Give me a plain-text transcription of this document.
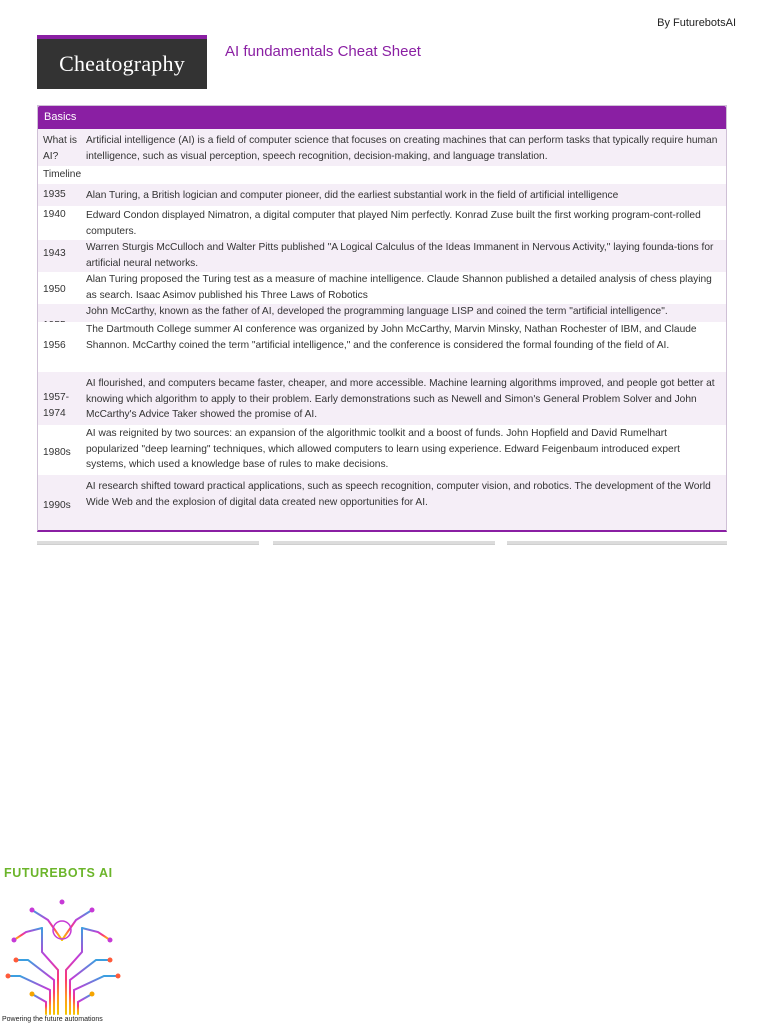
By FuturebotsAI
Cheatography	AI fundamentals Cheat Sheet
Basics
What is AI?
Artificial intelligence (AI) is a field of computer science that focuses on creating machines that can perform tasks that typically require human intelligence, such as visual perception, speech recognition, decision-making, and language translation.
Timeline
1935 Alan Turing, a British logician and computer pioneer, did the earliest substantial work in the field of artificial intelligence
1940 Edward Condon displayed Nimatron, a digital computer that played Nim perfectly. Konrad Zuse built the first working program-cont-rolled computers.
1943
Warren Sturgis McCulloch and Walter Pitts published "A Logical Calculus of the Ideas Immanent in Nervous Activity," laying founda-tions for artificial neural networks.
1950
Alan Turing proposed the Turing test as a measure of machine intelligence. Claude Shannon published a detailed analysis of chess playing as search. Isaac Asimov published his Three Laws of Robotics
John McCarthy, known as the father of AI, developed the programming language LISP and coined the term "artificial intelligence".
1956
The Dartmouth College summer AI conference was organized by John McCarthy, Marvin Minsky, Nathan Rochester of IBM, and Claude Shannon. McCarthy coined the term "artificial intelligence," and the conference is considered the formal founding of the field of AI.
1957-1974
AI flourished, and computers became faster, cheaper, and more accessible. Machine learning algorithms improved, and people got better at knowing which algorithm to apply to their problem. Early demonstrations such as Newell and Simon's General Problem Solver and John McCarthy's Advice Taker showed the promise of AI.
1980s
AI was reignited by two sources: an expansion of the algorithmic toolkit and a boost of funds. John Hopfield and David Rumelhart popularized "deep learning" techniques, which allowed computers to learn using experience. Edward Feigenbaum introduced expert systems, which used a knowledge base of rules to make decisions.
1990s
AI research shifted toward practical applications, such as speech recognition, computer vision, and robotics. The development of the World Wide Web and the explosion of digital data created new opportunities for AI.
FUTUREBOTS AI
Powering the future automations
